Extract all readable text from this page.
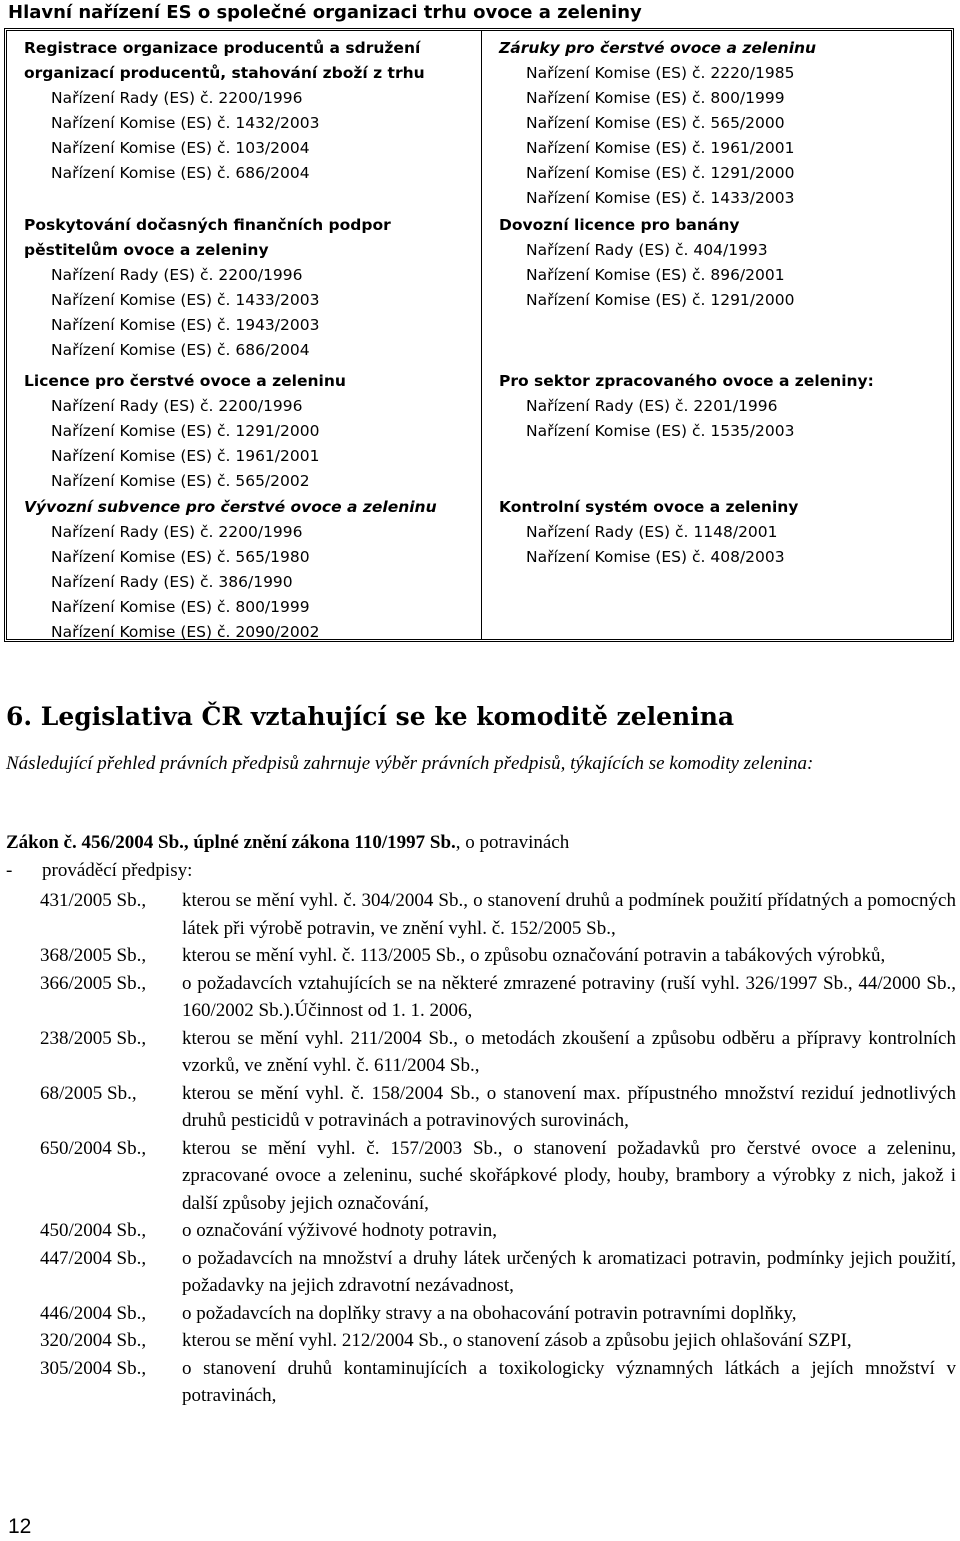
Hlavní nařízení ES o společné organizaci trhu ovoce a zeleniny
Registrace organizace producentů a sdružení
organizací producentů, stahování zboží z trhu
Nařízení Rady (ES) č. 2200/1996
Nařízení Komise (ES) č. 1432/2003
Nařízení Komise (ES) č. 103/2004
Nařízení Komise (ES) č. 686/2004
Poskytování dočasných finančních podpor
pěstitelům ovoce a zeleniny
Nařízení Rady (ES) č. 2200/1996
Nařízení Komise (ES) č. 1433/2003
Nařízení Komise (ES) č. 1943/2003
Nařízení Komise (ES) č. 686/2004
Licence pro čerstvé ovoce a zeleninu
Nařízení Rady (ES) č. 2200/1996
Nařízení Komise (ES) č. 1291/2000
Nařízení Komise (ES) č. 1961/2001
Nařízení Komise (ES) č. 565/2002
Vývozní subvence pro čerstvé ovoce a zeleninu
Nařízení Rady (ES) č. 2200/1996
Nařízení Komise (ES) č. 565/1980
Nařízení Rady (ES) č. 386/1990
Nařízení Komise (ES) č. 800/1999
Nařízení Komise (ES) č. 2090/2002
Záruky pro čerstvé ovoce a zeleninu
Nařízení Komise (ES) č. 2220/1985
Nařízení Komise (ES) č. 800/1999
Nařízení Komise (ES) č. 565/2000
Nařízení Komise (ES) č. 1961/2001
Nařízení Komise (ES) č. 1291/2000
Nařízení Komise (ES) č. 1433/2003
Dovozní licence pro banány
Nařízení Rady (ES) č. 404/1993
Nařízení Komise (ES) č. 896/2001
Nařízení Komise (ES) č. 1291/2000
Pro sektor zpracovaného ovoce a zeleniny:
Nařízení Rady (ES) č. 2201/1996
Nařízení Komise (ES) č. 1535/2003
Kontrolní systém ovoce a zeleniny
Nařízení Rady (ES) č. 1148/2001
Nařízení Komise (ES) č. 408/2003
6. Legislativa ČR vztahující se ke komoditě zelenina
Následující přehled právních předpisů zahrnuje výběr právních předpisů, týkajících se komodity zelenina:
Zákon č. 456/2004 Sb., úplné znění zákona 110/1997 Sb., o potravinách
- prováděcí předpisy:
431/2005 Sb.,	kterou se mění vyhl. č. 304/2004 Sb., o stanovení druhů a podmínek použití přídatných a pomocných látek při výrobě potravin, ve znění vyhl. č. 152/2005 Sb.,
368/2005 Sb.,	kterou se mění vyhl. č. 113/2005 Sb., o způsobu označování potravin a tabákových výrobků,
366/2005 Sb.,	o požadavcích vztahujících se na některé zmrazené potraviny (ruší vyhl. 326/1997 Sb., 44/2000 Sb., 160/2002 Sb.).Účinnost od 1. 1. 2006,
238/2005 Sb.,	kterou se mění vyhl. 211/2004 Sb., o metodách zkoušení a způsobu odběru a přípravy kontrolních vzorků, ve znění vyhl. č. 611/2004 Sb.,
68/2005 Sb.,	kterou se mění vyhl. č. 158/2004 Sb., o stanovení max. přípustného množství reziduí jednotlivých druhů pesticidů v potravinách a potravinových surovinách,
650/2004 Sb.,	kterou se mění vyhl. č. 157/2003 Sb., o stanovení požadavků pro čerstvé ovoce a zeleninu, zpracované ovoce a zeleninu, suché skořápkové plody, houby, brambory a výrobky z nich, jakož i další způsoby jejich označování,
450/2004 Sb.,	o označování výživové hodnoty potravin,
447/2004 Sb.,	o požadavcích na množství a druhy látek určených k aromatizaci potravin, podmínky jejich použití, požadavky na jejich zdravotní nezávadnost,
446/2004 Sb.,	o požadavcích na doplňky stravy a na obohacování potravin potravními doplňky,
320/2004 Sb.,	kterou se mění vyhl. 212/2004 Sb., o stanovení zásob a způsobu jejich ohlašování SZPI,
305/2004 Sb.,	o stanovení druhů kontaminujících a toxikologicky významných látkách a jejích množství v potravinách,
12
